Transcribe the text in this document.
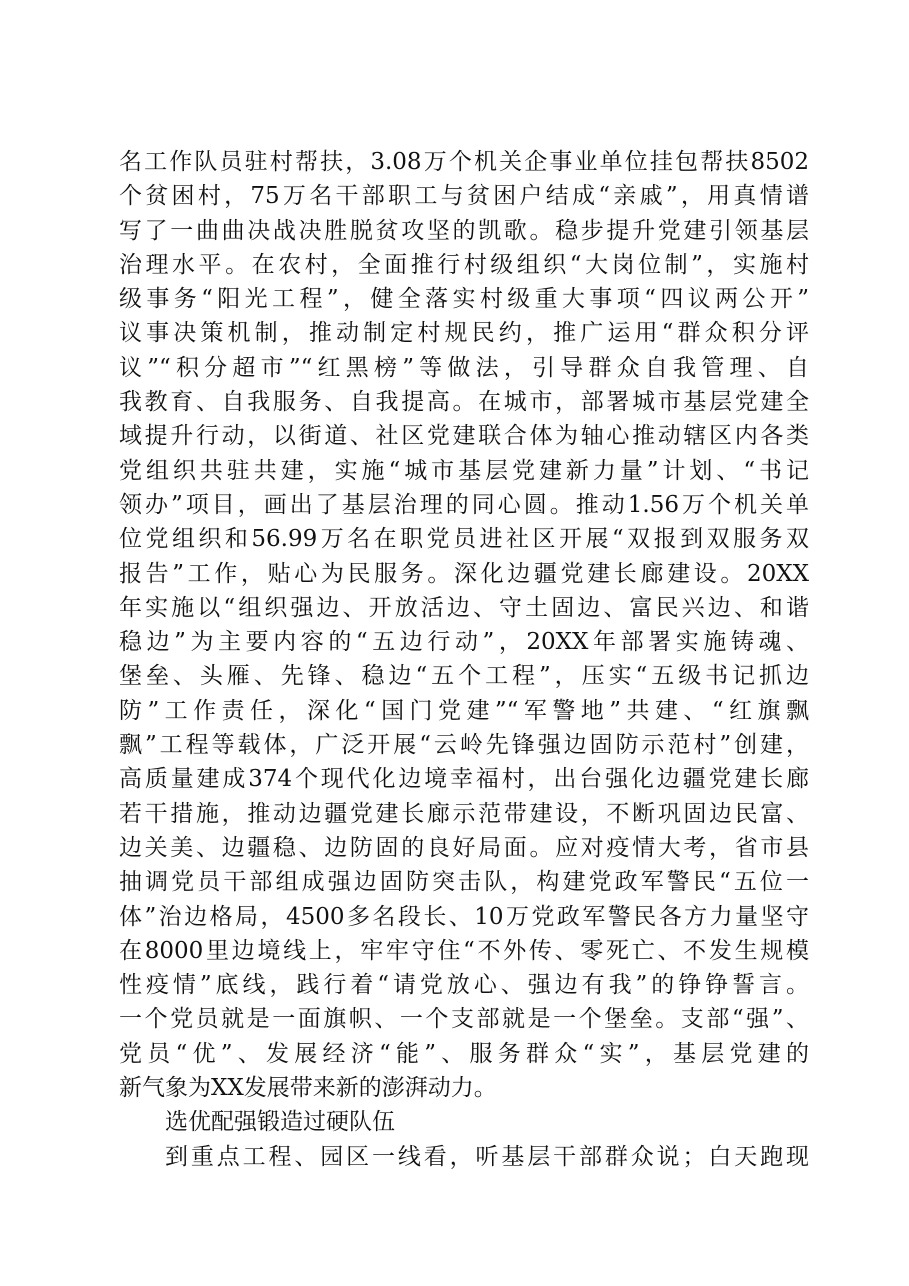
名工作队员驻村帮扶，3.08万个机关企事业单位挂包帮扶8502
个贫困村，75万名干部职工与贫困户结成“亲戚”，用真情谱
写了一曲曲决战决胜脱贫攻坚的凯歌。稳步提升党建引领基层
治理水平。在农村，全面推行村级组织“大岗位制”，实施村
级事务“阳光工程”，健全落实村级重大事项“四议两公开”
议事决策机制，推动制定村规民约，推广运用“群众积分评
议”“积分超市”“红黑榜”等做法，引导群众自我管理、自
我教育、自我服务、自我提高。在城市，部署城市基层党建全
域提升行动，以街道、社区党建联合体为轴心推动辖区内各类
党组织共驻共建，实施“城市基层党建新力量”计划、“书记
领办”项目，画出了基层治理的同心圆。推动1.56万个机关单
位党组织和56.99万名在职党员进社区开展“双报到双服务双
报告”工作，贴心为民服务。深化边疆党建长廊建设。20XX
年实施以“组织强边、开放活边、守土固边、富民兴边、和谐
稳边”为主要内容的“五边行动”，20XX年部署实施铸魂、
堡垒、头雁、先锋、稳边“五个工程”，压实“五级书记抓边
防”工作责任，深化“国门党建”“军警地”共建、“红旗飘
飘”工程等载体，广泛开展“云岭先锋强边固防示范村”创建，
高质量建成374个现代化边境幸福村，出台强化边疆党建长廊
若干措施，推动边疆党建长廊示范带建设，不断巩固边民富、
边关美、边疆稳、边防固的良好局面。应对疫情大考，省市县
抽调党员干部组成强边固防突击队，构建党政军警民“五位一
体”治边格局，4500多名段长、10万党政军警民各方力量坚守
在8000里边境线上，牢牢守住“不外传、零死亡、不发生规模
性疫情”底线，践行着“请党放心、强边有我”的铮铮誓言。
一个党员就是一面旗帜、一个支部就是一个堡垒。支部“强”、
党员“优”、发展经济“能”、服务群众“实”，基层党建的
新气象为XX发展带来新的澎湃动力。
选优配强锻造过硬队伍
到重点工程、园区一线看，听基层干部群众说；白天跑现
